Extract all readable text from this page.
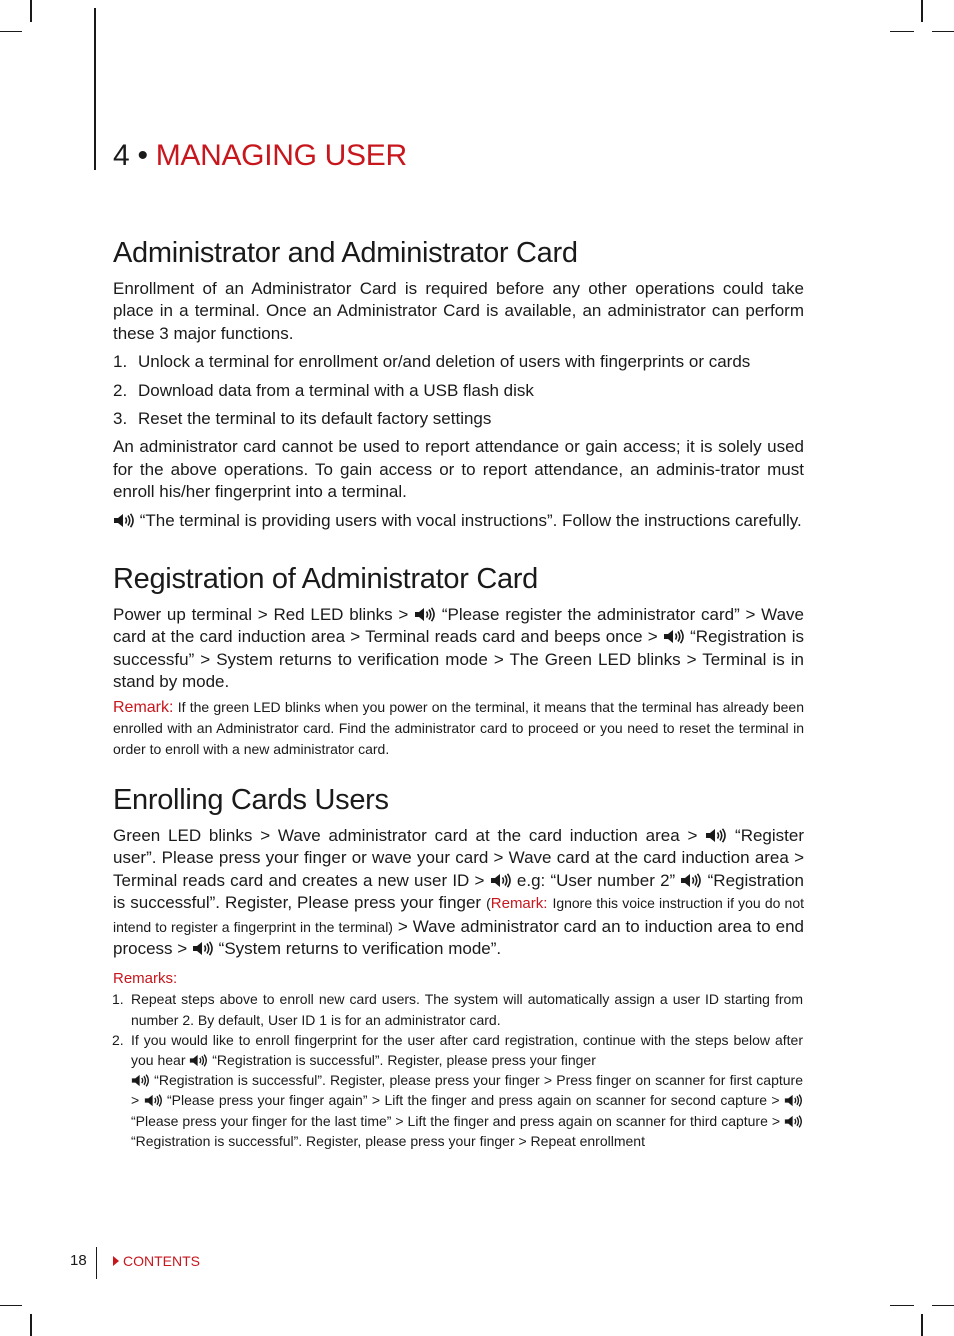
4 • MANAGING USER
Administrator and Administrator Card

Enrollment of an Administrator Card is required before any other operations could take place in a terminal. Once an Administrator Card is available, an administrator can perform these 3 major functions.

1. Unlock a terminal for enrollment or/and deletion of users with fingerprints or cards
2. Download data from a terminal with a USB flash disk
3. Reset the terminal to its default factory settings

An administrator card cannot be used to report attendance or gain access; it is solely used for the above operations. To gain access or to report attendance, an adminis-trator must enroll his/her fingerprint into a terminal.

“The terminal is providing users with vocal instructions”. Follow the instructions carefully.

Registration of Administrator Card

Power up terminal > Red LED blinks > “Please register the administrator card” > Wave card at the card induction area > Terminal reads card and beeps once > “Registration is successfu” > System returns to verification mode > The Green LED blinks > Terminal is in stand by mode.

Remark: If the green LED blinks when you power on the terminal, it means that the terminal has already been enrolled with an Administrator card. Find the administrator card to proceed or you need to reset the terminal in order to enroll with a new administrator card.
Enrolling Cards Users

Green LED blinks > Wave administrator card at the card induction area > “Register user”. Please press your finger or wave your card > Wave card at the card induction area > Terminal reads card and creates a new user ID > e.g: “User number 2” “Registration is successful”. Register, Please press your finger (Remark: Ignore this voice instruction if you do not intend to register a fingerprint in the terminal) > Wave administrator card an to induction area to end process > “System returns to verification mode”.

Remarks:
1. Repeat steps above to enroll new card users. The system will automatically assign a user ID starting from number 2. By default, User ID 1 is for an administrator card.
2. If you would like to enroll fingerprint for the user after card registration, continue with the steps below after you hear “Registration is successful”. Register, please press your finger
“Registration is successful”. Register, please press your finger > Press finger on scanner for first capture > “Please press your finger again” > Lift the finger and press again on scanner for second capture >  “Please press your finger for the last time” > Lift the finger and press again on scanner for third capture >  “Registration is successful”. Register, please press your finger > Repeat enrollment
18	CONTENTS
